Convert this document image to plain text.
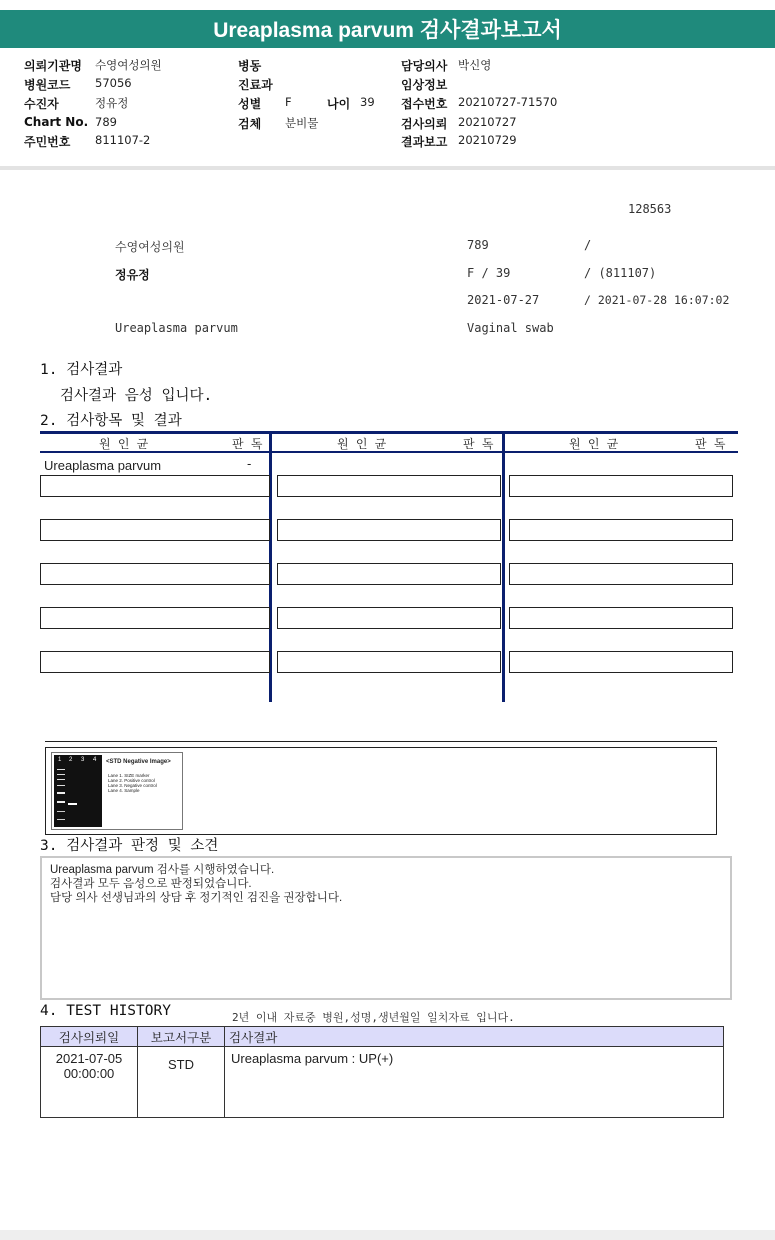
Ureaplasma parvum 검사결과보고서
의뢰기관명 수영여성의원
병원코드 57056
수진자	정유정
Chart No. 789
주민번호 811107-2
병동
진료과
성별 F	나이 39
검체 분비물
담당의사 박신영
임상정보
접수번호 20210727-71570
검사의뢰 20210727
결과보고 20210729
128563
수영여성의원	789	/
정유정	F / 39	/ (811107)
2021-07-27	/ 2021-07-28 16:07:02
Ureaplasma parvum	Vaginal swab
1. 검사결과
검사결과 음성 입니다.
2. 검사항목 및 결과
원 인 균	판 독	원 인 균	판 독	원 인 균	판 독
Ureaplasma parvum	-
1 2 3 4 <STD Negative Image>
Lane 1. SIZE marker
Lane 2. Positive control
Lane 3. Negative control
Lane 4. Sample
3. 검사결과 판정 및 소견
Ureaplasma parvum 검사를 시행하였습니다.
검사결과 모두 음성으로 판정되었습니다.
담당 의사 선생님과의 상담 후 정기적인 검진을 권장합니다.
4. TEST HISTORY	2년 이내 자료중 병원,성명,생년월일 일치자료 입니다.
검사의뢰일	보고서구분	검사결과

2021-07-05
00:00:00	STD	Ureaplasma parvum : UP(+)
